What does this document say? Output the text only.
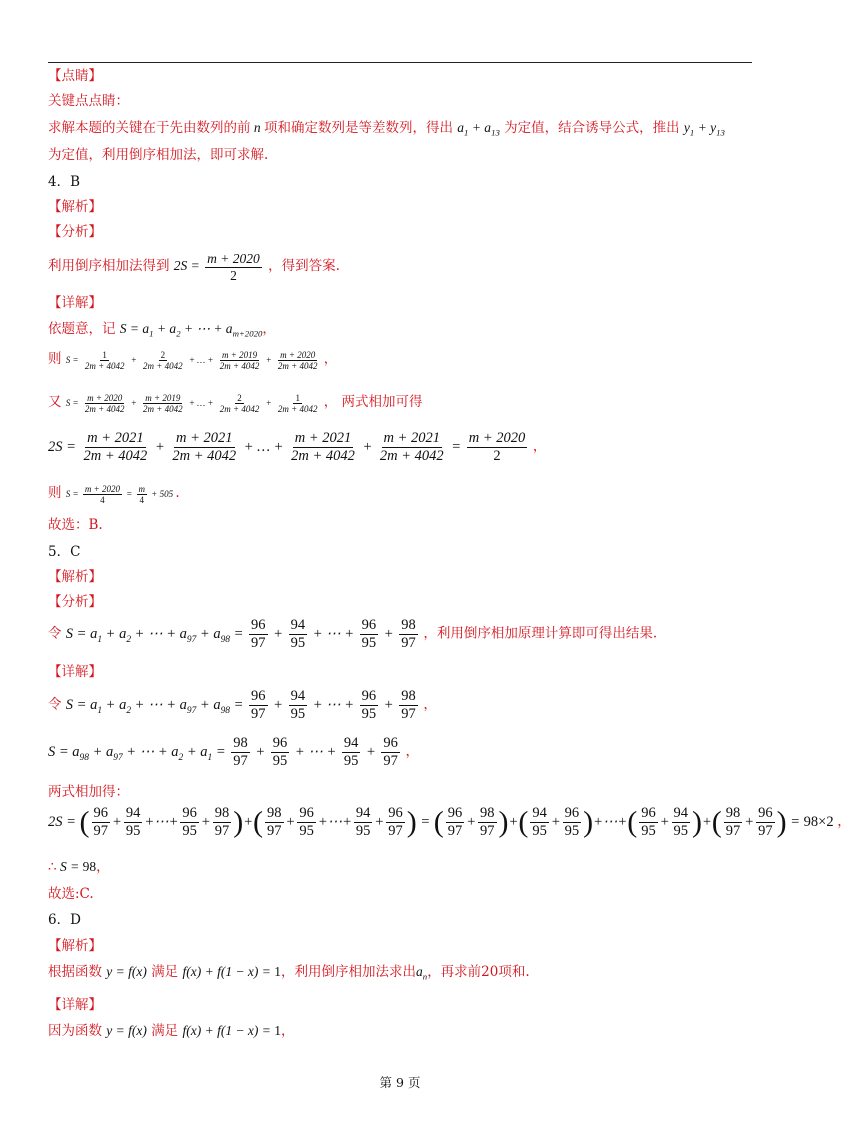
【点睛】
关键点点睛：
求解本题的关键在于先由数列的前 n 项和确定数列是等差数列，得出 $a_1 + a_{13}$ 为定值，结合诱导公式，推出 $y_1 + y_{13}$
为定值，利用倒序相加法，即可求解.
4．B
【解析】
【分析】
利用倒序相加法得到 $2S = \frac{m + 2020}{2}$ ，得到答案.
【详解】
依题意，记 $S = a_1 + a_2$ + ⋯ + $a_{m+2020}$，
则 $S = \frac{1}{2m + 4042} + \frac{2}{2m + 4042}$ + … + $\frac{m + 2019}{2m + 4042} + \frac{m + 2020}{2m + 4042}$ ，
又 $S = \frac{m + 2020}{2m + 4042} + \frac{m + 2019}{2m + 4042}$ + … + $\frac{2}{2m + 4042} + \frac{1}{2m + 4042}$ ， 两式相加可得
$2S = \frac{m + 2021}{2m + 4042} + \frac{m + 2021}{2m + 4042}$ + … + $\frac{m + 2021}{2m + 4042} + \frac{m + 2021}{2m + 4042} = \frac{m + 2020}{2}$ ，
则 $S = \frac{m + 2020}{4} = \frac{m}{4} + 505$ .
故选：B.
5．C
【解析】
【分析】
令 $S = a_1 + a_2$ + ⋯ + $a_{97} + a_{98} = \frac{96}{97} + \frac{94}{95}$ + ⋯ + $\frac{96}{95} + \frac{98}{97}$ ，利用倒序相加原理计算即可得出结果.
【详解】
令 $S = a_1 + a_2$ + ⋯ + $a_{97} + a_{98} = \frac{96}{97} + \frac{94}{95}$ + ⋯ + $\frac{96}{95} + \frac{98}{97}$ ，
$S = a_{98} + a_{97}$ + ⋯ + $a_2 + a_1 = \frac{98}{97} + \frac{96}{95}$ + ⋯ + $\frac{94}{95} + \frac{96}{97}$ ，
两式相加得：
2S = ( $\frac{96}{97} + \frac{94}{95}$ +⋯+ $\frac{96}{95} + \frac{98}{97}$ )+( $\frac{98}{97} + \frac{96}{95}$ +⋯+ $\frac{94}{95} + \frac{96}{97}$ ) = ( $\frac{96}{97} + \frac{98}{97}$ )+( $\frac{94}{95} + \frac{96}{95}$ )+⋯+( $\frac{96}{95} + \frac{94}{95}$ )+( $\frac{98}{97} + \frac{96}{97}$ ) = 98×2 ，
∴ S = 98，
故选:C.
6．D
【解析】
根据函数 y = f(x) 满足 f(x) + f(1 − x) = 1，利用倒序相加法求出$a_n$，再求前20项和.
【详解】
因为函数 y = f(x) 满足 f(x) + f(1 − x) = 1，
第 9 页
